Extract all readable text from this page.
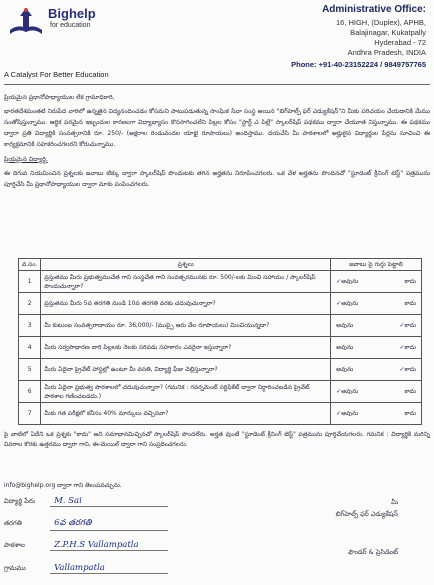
Bighelp
for education
A Catalyst For Better Education
Administrative Office:
16, HIGH, (Duplex), APHB,
Balajinagar, Kukatpally
Hyderabad - 72
Andhra Pradesh, INDIA
Phone: +91-40-23152224 / 9849757765

ప్రియమైన ప్రధానోపాధ్యాయుల లేక గ్రామాధికారి,

భారతదేశమంతటి నిరుపేద వారిలో ఉన్నతైన విద్యనందించడం కోసమని పాటుపడుతున్న సాంఘిక సేవా సంస్థ అయిన "బిగ్‌హెల్ప్ ఫర్ ఎడ్యుకేషన్"ని మీకు పరిచయం చేయడానికి మేము సంతోషిస్తున్నాము. ఆర్థిక పరమైన ఇబ్బందుల కారణంగా విద్యాభ్యాసం కొనసాగించలేని పిల్లల కోసం "స్టార్ట్ ఎ పిల్లే" స్కాలర్‌షిప్ పథకము ద్వారా చేయూత నిస్తున్నాము. ఈ పథకము ద్వారా ప్రతి విద్యార్థికి సంవత్సరానికి రూ. 250/- (అక్షరాల రెండువందల యాభై రూపాయలు) అందిస్తాము. దయచేసి మీ పాఠశాలలో అర్హులైన విద్యార్థుల పేర్లను సూచించి ఈ కార్యక్రమానికి సహకరించగలరని కోరుచున్నాము.

ప్రియమైన విద్యార్థి,

ఈ దిగువ నియమించిన ప్రశ్నలకు జవాబు టిక్కు ద్వారా స్కాలర్‌షిప్ పొందుటకు తగిన అర్హతను నిరూపించగలరు. ఒక వేళ అర్హతను పొందినచో "స్టూడెంట్ క్రీనింగ్ టెస్ట్" పత్రమును పూర్తిచేసి మీ ప్రధానోపాధ్యాయుల ద్వారా మాకు పంపించగలరు.

వ.సం.	ప్రశ్నలు	జవాబు పై గుర్తు పెట్టాలి
1	ప్రస్తుతము మీరు ప్రభుత్వముచేత గాని సంస్థచేత గాని సంవత్సరమునకు రూ. 500/-లకు మించి సహాయం / స్కాలర్‌షిప్ పొందుచున్నారా?	✓అవును కాదు

2	ప్రస్తుతము మీరు 5వ తరగతి నుండి 10వ తరగతి వరకు చదువుచున్నారా?	✓అవును కాదు

3	మీ కుటుంబ సంవత్సరాదాయం రూ. 36,000/- (ముప్పై ఆరు వేల రూపాయలు) మించియున్నదా?	అవును ✓కాదు

4	మీరు సర్వసాధారణ వారి పిల్లలకు నెలకు సరిపడు సహకారం ఎవరైనా ఇస్తున్నారా?	అవును ✓కాదు

5	మీరు ఏదైనా ప్రైవేట్ హాస్టల్లో ఉంటూ మీ వసతి, విద్యార్థి ఫీజు చెల్లిస్తున్నారా?	అవును ✓కాదు

6	మీరు ఏదైనా ప్రభుత్వ పాఠశాలలో చదువుచున్నారా? (గమనిక : గవర్నమెంట్ సర్టిఫికేట్ ద్వారా నిర్ధారించబడిన ప్రైవేట్ పాఠశాల గణించబడదు.)	✓అవును కాదు

7	మీకు గత పరీక్షలో కనీసం 40% మార్కులు వచ్చినవా?	✓అవును కాదు
పై వాటిలో ఏదేని ఒక ప్రశ్నకు "కాదు" అని సమాధానమిచ్చినచో స్కాలర్‌షిప్ పొందలేరు. అర్హత వుంటే "స్టూడెంట్ క్రీనింగ్ టెస్ట్" పత్రమును పూర్తిచేయగలరు. గమనిక : విద్యార్థికి మరిన్ని వివరాల కొరకు ఉత్తరము ద్వారా గాని, ఈ-మెయిల్ ద్వారా గాని సంప్రదించగలరు.
info@bighelp.org ద్వారా గాని తెలుపవచ్చును.
విద్యార్థి పేరు M. Sai
తరగతి	6వ తరగతి
పాఠశాల	Z.P.H.S Vallampatla
గ్రామము	Vallampatla
మీ
బిగ్‌హెల్ప్ ఫర్ ఎడ్యుకేషన్
ఫౌండర్ & ప్రెసిడెంట్
